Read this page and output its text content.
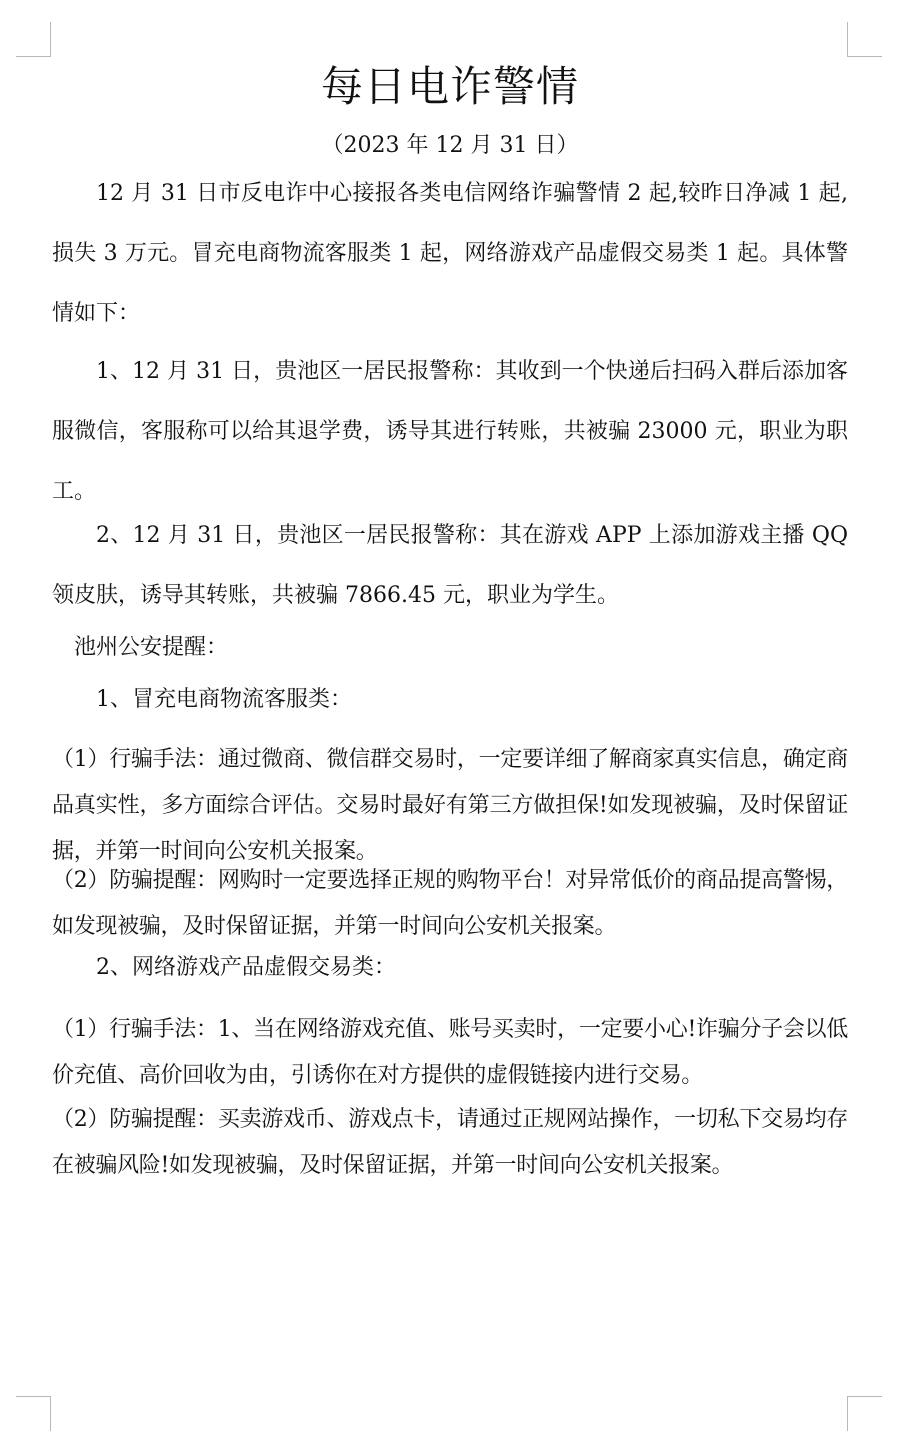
每日电诈警情
（2023 年 12 月 31 日）

12 月 31 日市反电诈中心接报各类电信网络诈骗警情 2 起,较昨日净减 1 起,损失 3 万元。冒充电商物流客服类 1 起，网络游戏产品虚假交易类 1 起。具体警情如下：

1、12 月 31 日，贵池区一居民报警称：其收到一个快递后扫码入群后添加客服微信，客服称可以给其退学费，诱导其进行转账，共被骗 23000 元，职业为职工。

2、12 月 31 日，贵池区一居民报警称：其在游戏 APP 上添加游戏主播 QQ 领皮肤，诱导其转账，共被骗 7866.45 元，职业为学生。

池州公安提醒：

1、冒充电商物流客服类：

（1）行骗手法：通过微商、微信群交易时，一定要详细了解商家真实信息，确定商品真实性，多方面综合评估。交易时最好有第三方做担保!如发现被骗，及时保留证据，并第一时间向公安机关报案。

（2）防骗提醒：网购时一定要选择正规的购物平台！对异常低价的商品提高警惕，如发现被骗，及时保留证据，并第一时间向公安机关报案。

2、网络游戏产品虚假交易类：

（1）行骗手法：1、当在网络游戏充值、账号买卖时，一定要小心!诈骗分子会以低价充值、高价回收为由，引诱你在对方提供的虚假链接内进行交易。

（2）防骗提醒：买卖游戏币、游戏点卡，请通过正规网站操作，一切私下交易均存在被骗风险!如发现被骗，及时保留证据，并第一时间向公安机关报案。
